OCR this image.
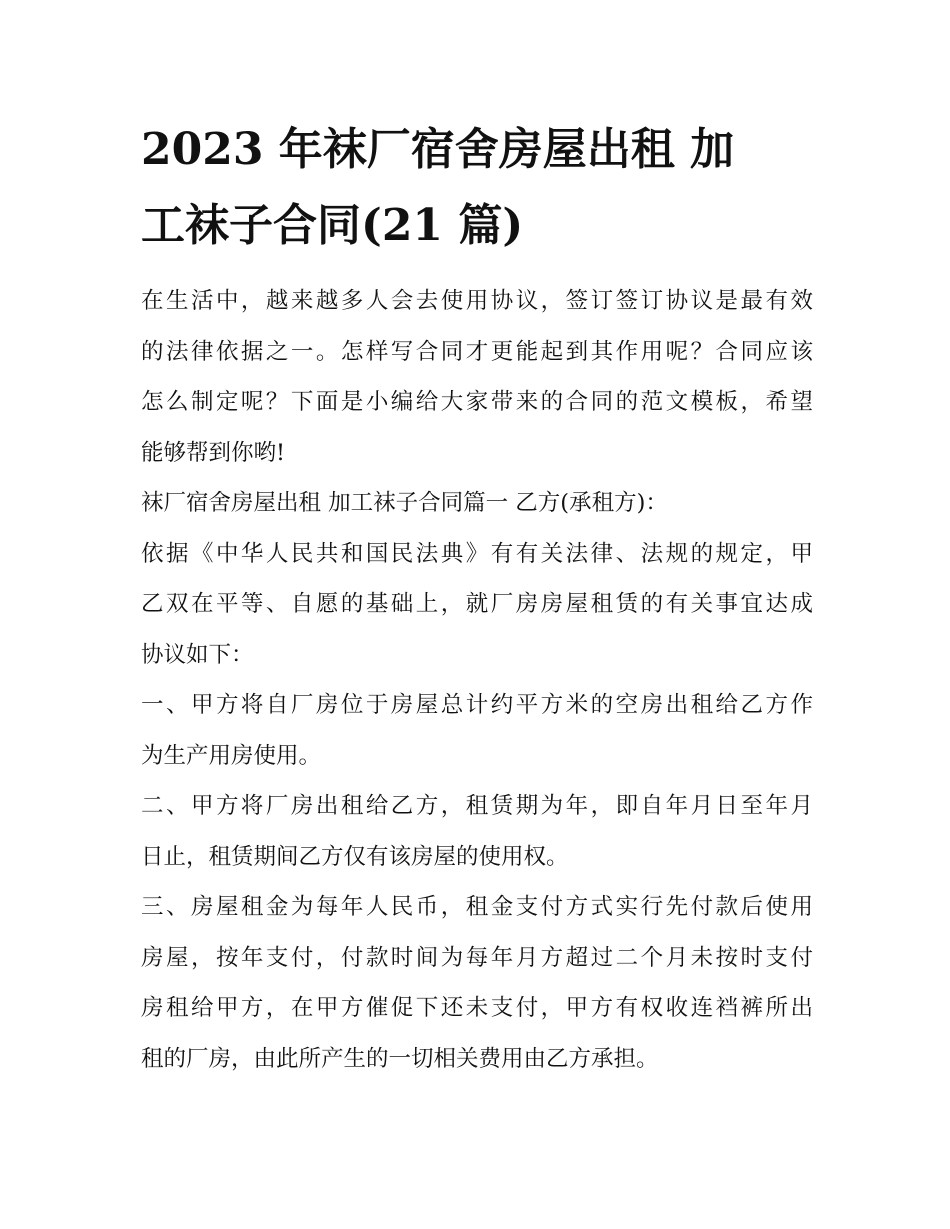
2023 年袜厂宿舍房屋出租 加
工袜子合同(21 篇)
在生活中，越来越多人会去使用协议，签订签订协议是最有效
的法律依据之一。怎样写合同才更能起到其作用呢？合同应该
怎么制定呢？下面是小编给大家带来的合同的范文模板，希望
能够帮到你哟!
袜厂宿舍房屋出租 加工袜子合同篇一 乙方(承租方)：
依据《中华人民共和国民法典》有有关法律、法规的规定，甲
乙双在平等、自愿的基础上，就厂房房屋租赁的有关事宜达成
协议如下：
一、甲方将自厂房位于房屋总计约平方米的空房出租给乙方作
为生产用房使用。
二、甲方将厂房出租给乙方，租赁期为年，即自年月日至年月
日止，租赁期间乙方仅有该房屋的使用权。
三、房屋租金为每年人民币，租金支付方式实行先付款后使用
房屋，按年支付，付款时间为每年月方超过二个月未按时支付
房租给甲方，在甲方催促下还未支付，甲方有权收连裆裤所出
租的厂房，由此所产生的一切相关费用由乙方承担。
